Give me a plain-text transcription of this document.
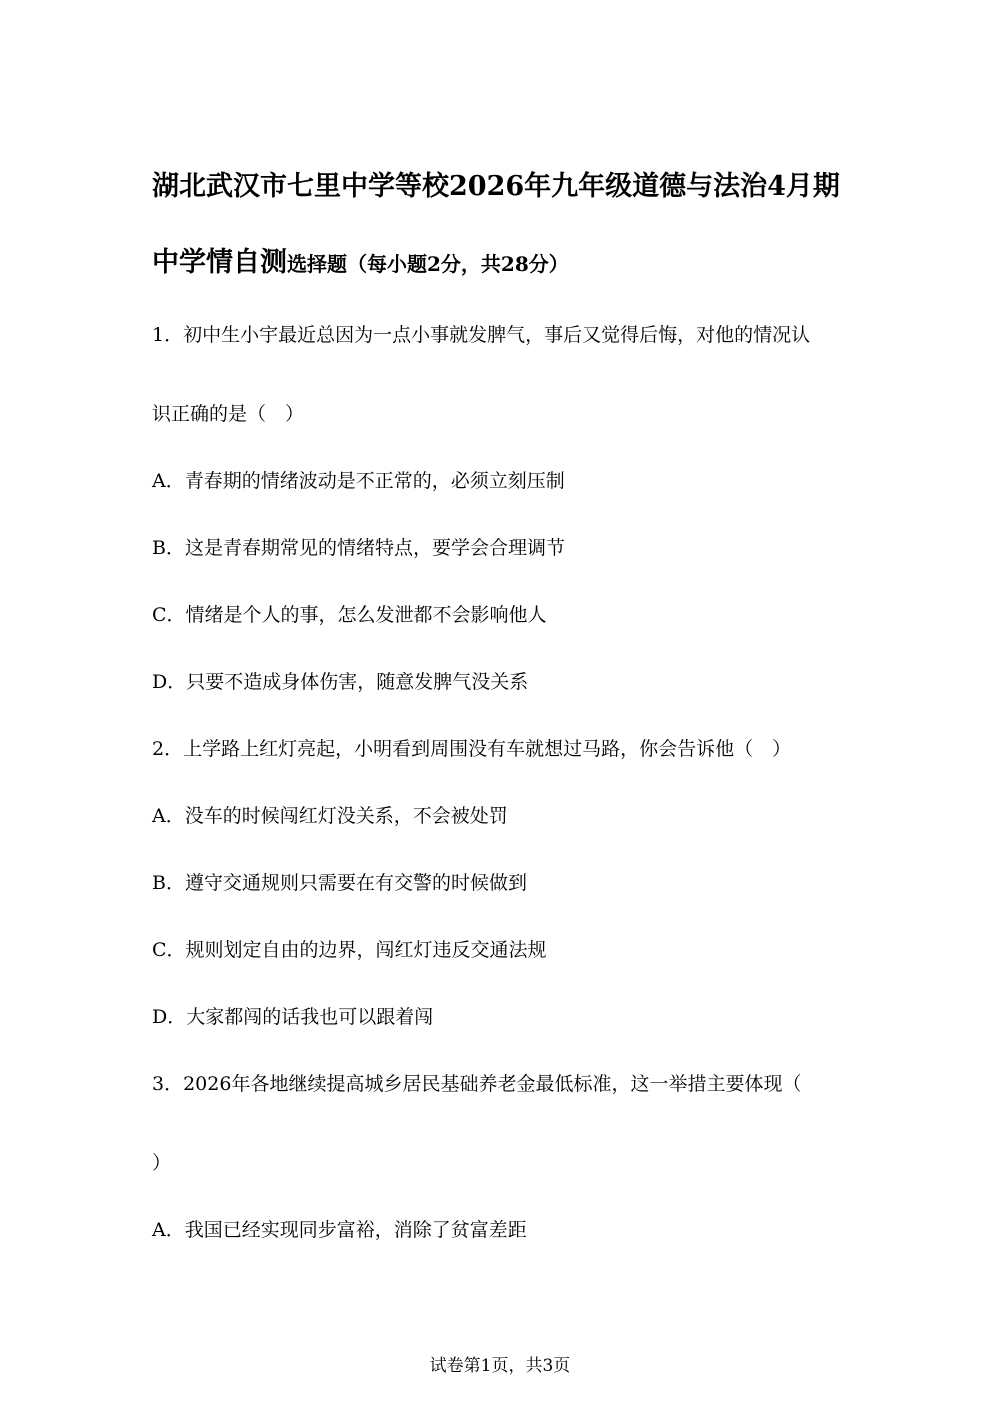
湖北武汉市七里中学等校2026年九年级道德与法治4月期
中学情自测选择题（每小题2分，共28分）
1．初中生小宇最近总因为一点小事就发脾气，事后又觉得后悔，对他的情况认
识正确的是（　）
A．青春期的情绪波动是不正常的，必须立刻压制
B．这是青春期常见的情绪特点，要学会合理调节
C．情绪是个人的事，怎么发泄都不会影响他人
D．只要不造成身体伤害，随意发脾气没关系
2．上学路上红灯亮起，小明看到周围没有车就想过马路，你会告诉他（　）
A．没车的时候闯红灯没关系，不会被处罚
B．遵守交通规则只需要在有交警的时候做到
C．规则划定自由的边界，闯红灯违反交通法规
D．大家都闯的话我也可以跟着闯
3．2026年各地继续提高城乡居民基础养老金最低标准，这一举措主要体现（
）
A．我国已经实现同步富裕，消除了贫富差距
试卷第1页，共3页
